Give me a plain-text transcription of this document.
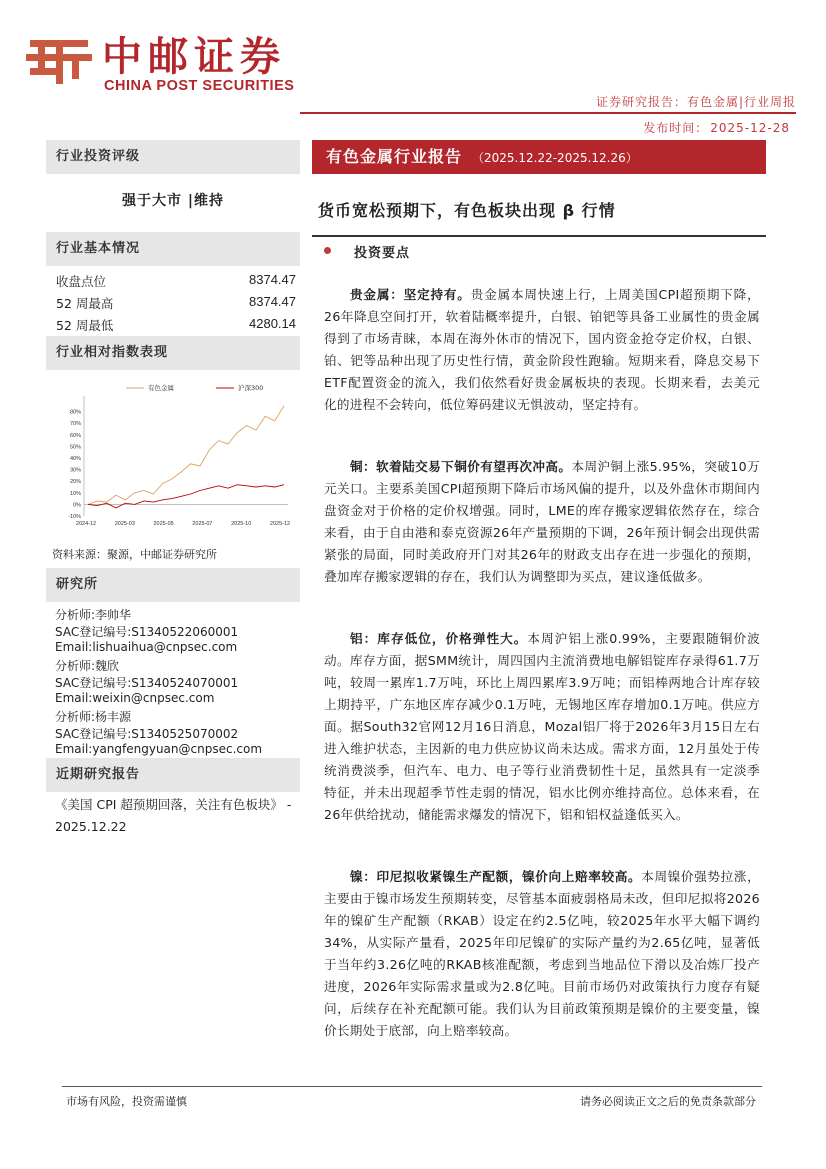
中邮证券
CHINA POST SECURITIES
证券研究报告：有色金属|行业周报
发布时间： 2025-12-28
行业投资评级
强于大市 |维持
行业基本情况
收盘点位	8374.47
52 周最高	8374.47
52 周最低	4280.14
行业相对指数表现
80%
70%
60%
50%
40%
30%
20%
10%
0%
-10%
2024-12	2025-03	2025-05	2025-07	2025-10	2025-12
有色金属	沪深300
资料来源：聚源，中邮证券研究所
研究所
分析师:李帅华
SAC登记编号:S1340522060001
Email:lishuaihua@cnpsec.com
分析师:魏欣
SAC登记编号:S1340524070001
Email:weixin@cnpsec.com
分析师:杨丰源
SAC登记编号:S1340525070002
Email:yangfengyuan@cnpsec.com
近期研究报告
《美国 CPI 超预期回落，关注有色板块》 - 2025.12.22
有色金属行业报告 （2025.12.22-2025.12.26）
货币宽松预期下，有色板块出现 β 行情
投资要点
贵金属：坚定持有。贵金属本周快速上行，上周美国CPI超预期下降，26年降息空间打开，软着陆概率提升，白银、铂钯等具备工业属性的贵金属得到了市场青睐，本周在海外休市的情况下，国内资金抢夺定价权，白银、铂、钯等品种出现了历史性行情，黄金阶段性跑输。短期来看，降息交易下ETF配置资金的流入，我们依然看好贵金属板块的表现。长期来看，去美元化的进程不会转向，低位筹码建议无惧波动，坚定持有。
铜：软着陆交易下铜价有望再次冲高。本周沪铜上涨5.95%，突破10万元关口。主要系美国CPI超预期下降后市场风偏的提升，以及外盘休市期间内盘资金对于价格的定价权增强。同时，LME的库存搬家逻辑依然存在，综合来看，由于自由港和泰克资源26年产量预期的下调，26年预计铜会出现供需紧张的局面，同时美政府开门对其26年的财政支出存在进一步强化的预期，叠加库存搬家逻辑的存在，我们认为调整即为买点，建议逢低做多。
铝：库存低位，价格弹性大。本周沪铝上涨0.99%，主要跟随铜价波动。库存方面，据SMM统计，周四国内主流消费地电解铝锭库存录得61.7万吨，较周一累库1.7万吨，环比上周四累库3.9万吨；而铝棒两地合计库存较上期持平，广东地区库存减少0.1万吨，无锡地区库存增加0.1万吨。供应方面。据South32官网12月16日消息，Mozal铝厂将于2026年3月15日左右进入维护状态，主因新的电力供应协议尚未达成。需求方面，12月虽处于传统消费淡季，但汽车、电力、电子等行业消费韧性十足，虽然具有一定淡季特征，并未出现超季节性走弱的情况，铝水比例亦维持高位。总体来看，在26年供给扰动，储能需求爆发的情况下，铝和铝权益逢低买入。
镍：印尼拟收紧镍生产配额，镍价向上赔率较高。本周镍价强势拉涨，主要由于镍市场发生预期转变，尽管基本面疲弱格局未改，但印尼拟将2026年的镍矿生产配额（RKAB）设定在约2.5亿吨，较2025年水平大幅下调约34%，从实际产量看，2025年印尼镍矿的实际产量约为2.65亿吨，显著低于当年约3.26亿吨的RKAB核准配额，考虑到当地品位下滑以及冶炼厂投产进度，2026年实际需求量或为2.8亿吨。目前市场仍对政策执行力度存有疑问，后续存在补充配额可能。我们认为目前政策预期是镍价的主要变量，镍价长期处于底部，向上赔率较高。
市场有风险，投资需谨慎	请务必阅读正文之后的免责条款部分
